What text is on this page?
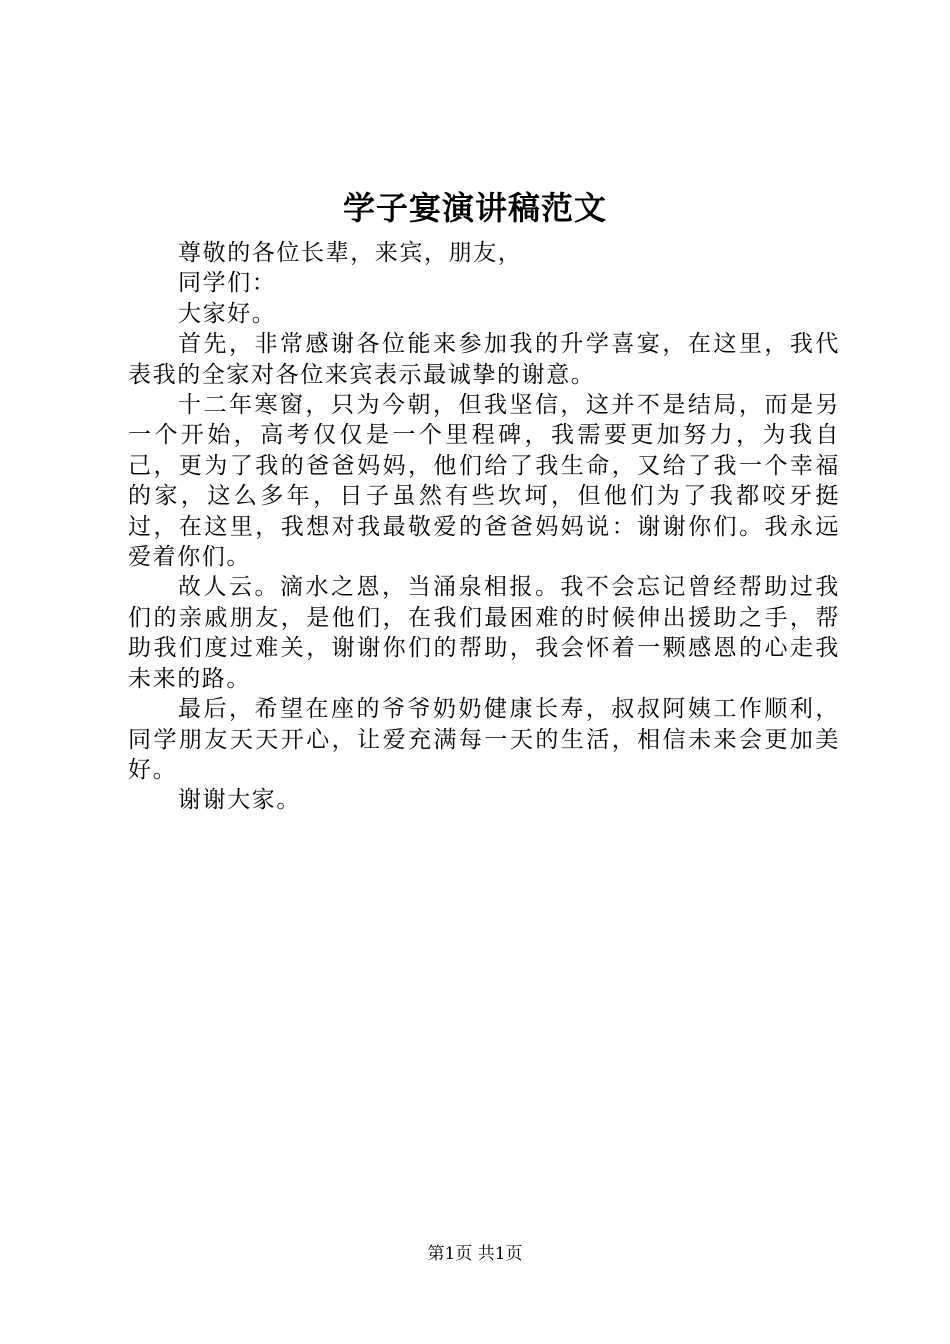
学子宴演讲稿范文

尊敬的各位长辈，来宾，朋友，

同学们：

大家好。

首先，非常感谢各位能来参加我的升学喜宴，在这里，我代表我的全家对各位来宾表示最诚挚的谢意。

十二年寒窗，只为今朝，但我坚信，这并不是结局，而是另一个开始，高考仅仅是一个里程碑，我需要更加努力，为我自己，更为了我的爸爸妈妈，他们给了我生命，又给了我一个幸福的家，这么多年，日子虽然有些坎坷，但他们为了我都咬牙挺过，在这里，我想对我最敬爱的爸爸妈妈说：谢谢你们。我永远爱着你们。

故人云。滴水之恩，当涌泉相报。我不会忘记曾经帮助过我们的亲戚朋友，是他们，在我们最困难的时候伸出援助之手，帮助我们度过难关，谢谢你们的帮助，我会怀着一颗感恩的心走我未来的路。

最后，希望在座的爷爷奶奶健康长寿，叔叔阿姨工作顺利，同学朋友天天开心，让爱充满每一天的生活，相信未来会更加美好。

谢谢大家。

第1页 共1页
